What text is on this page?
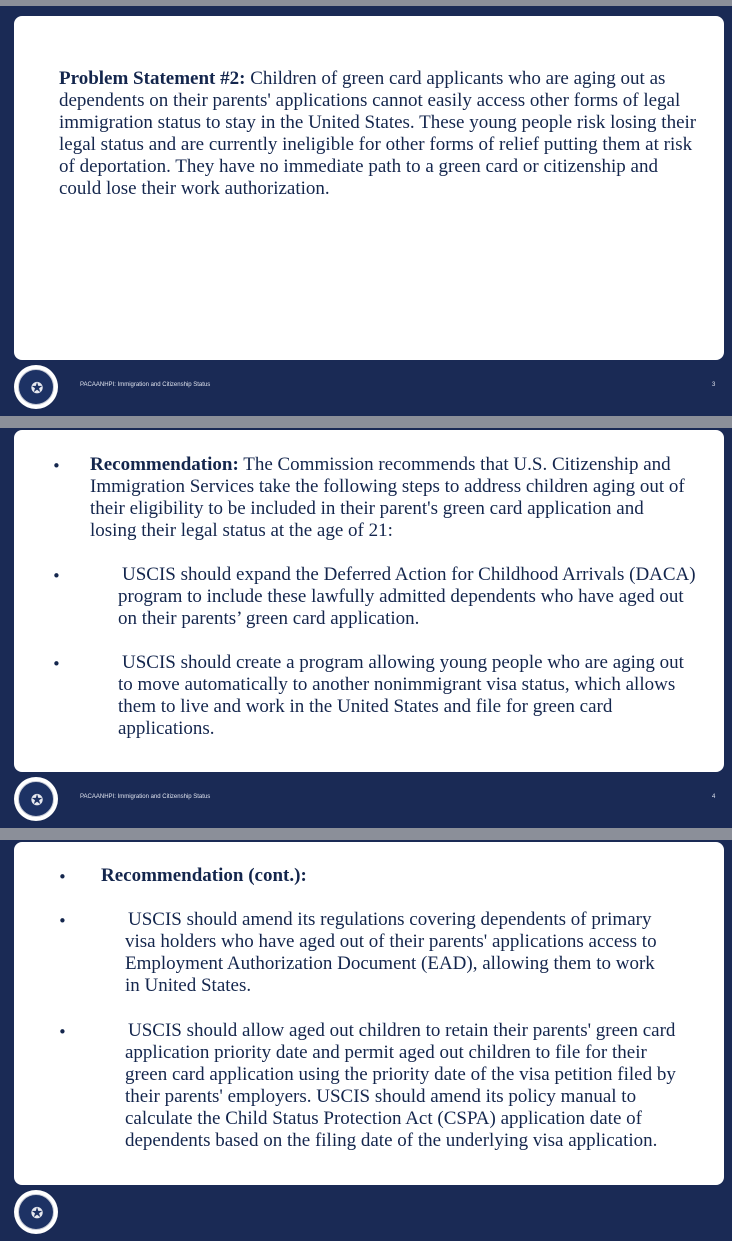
Problem Statement #2: Children of green card applicants who are aging out as dependents on their parents' applications cannot easily access other forms of legal immigration status to stay in the United States. These young people risk losing their legal status and are currently ineligible for other forms of relief putting them at risk of deportation. They have no immediate path to a green card or citizenship and could lose their work authorization.

✪	PACAANHPI: Immigration and Citizenship Status	3
• Recommendation: The Commission recommends that U.S. Citizenship and Immigration Services take the following steps to address children aging out of their eligibility to be included in their parent's green card application and losing their legal status at the age of 21:

•	USCIS should expand the Deferred Action for Childhood Arrivals (DACA) program to include these lawfully admitted dependents who have aged out on their parents’ green card application.

•	USCIS should create a program allowing young people who are aging out to move automatically to another nonimmigrant visa status, which allows them to live and work in the United States and file for green card applications.

✪	PACAANHPI: Immigration and Citizenship Status	4
• Recommendation (cont.):

•	USCIS should amend its regulations covering dependents of primary visa holders who have aged out of their parents' applications access to Employment Authorization Document (EAD), allowing them to work in United States.

•	USCIS should allow aged out children to retain their parents' green card application priority date and permit aged out children to file for their green card application using the priority date of the visa petition filed by their parents' employers. USCIS should amend its policy manual to calculate the Child Status Protection Act (CSPA) application date of dependents based on the filing date of the underlying visa application.

✪
